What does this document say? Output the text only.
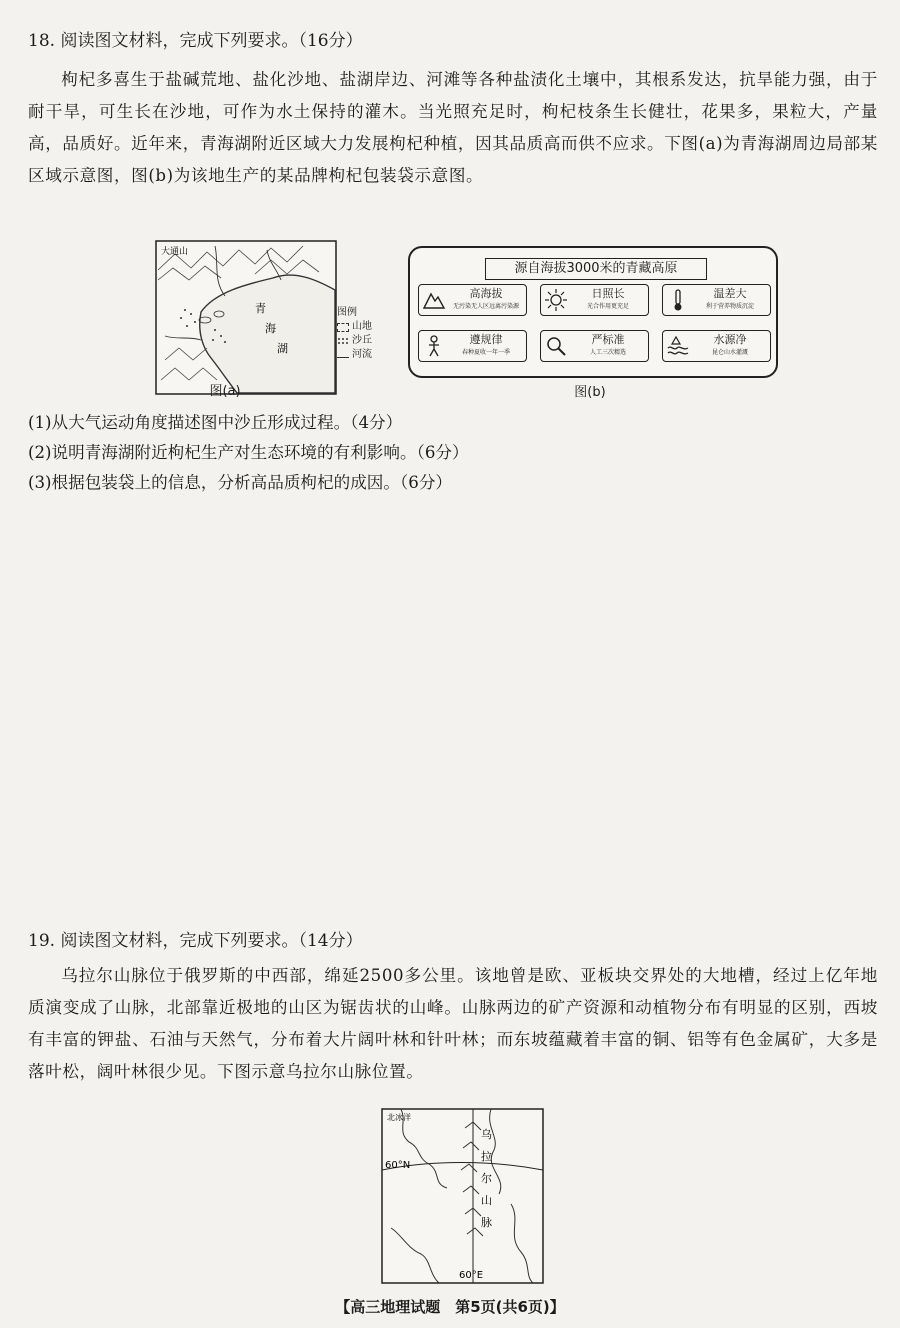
18. 阅读图文材料，完成下列要求。（16分）
枸杞多喜生于盐碱荒地、盐化沙地、盐湖岸边、河滩等各种盐渍化土壤中，其根系发达，抗旱能力强，由于耐干旱，可生长在沙地，可作为水土保持的灌木。当光照充足时，枸杞枝条生长健壮，花果多，果粒大，产量高，品质好。近年来，青海湖附近区域大力发展枸杞种植，因其品质高而供不应求。下图(a)为青海湖周边局部某区域示意图，图(b)为该地生产的某品牌枸杞包装袋示意图。
大通山
青
海
湖
图例
山地
沙丘
河流
图(a)
源自海拔3000米的青藏高原
高海拔
无污染无人区远离污染源
日照长
光合作用更充足
温差大
利于营养物质沉淀
遵规律
春种夏收一年一季
严标准
人工三次精选
水源净
昆仑山水灌溉
图(b)
(1)从大气运动角度描述图中沙丘形成过程。（4分）
(2)说明青海湖附近枸杞生产对生态环境的有利影响。（6分）
(3)根据包装袋上的信息，分析高品质枸杞的成因。（6分）
19. 阅读图文材料，完成下列要求。（14分）
乌拉尔山脉位于俄罗斯的中西部，绵延2500多公里。该地曾是欧、亚板块交界处的大地槽，经过上亿年地质演变成了山脉，北部靠近极地的山区为锯齿状的山峰。山脉两边的矿产资源和动植物分布有明显的区别，西坡有丰富的钾盐、石油与天然气，分布着大片阔叶林和针叶林；而东坡蕴藏着丰富的铜、铝等有色金属矿，大多是落叶松，阔叶林很少见。下图示意乌拉尔山脉位置。
北冰洋
60°N
60°E
乌
拉
尔
山
脉
【高三地理试题　第5页(共6页)】
